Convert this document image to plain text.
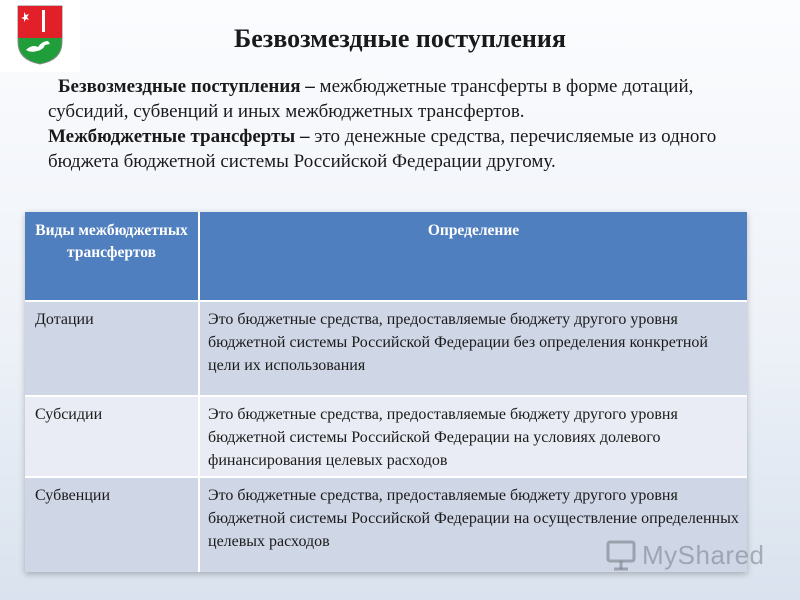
Безвозмездные поступления

Безвозмездные поступления – межбюджетные трансферты в форме дотаций, субсидий, субвенций и иных межбюджетных трансфертов.

Межбюджетные трансферты – это денежные средства, перечисляемые из одного бюджета бюджетной системы Российской Федерации другому.

Виды межбюджетных трансфертов	Определение
Дотации	Это бюджетные средства, предоставляемые бюджету другого уровня бюджетной системы Российской Федерации без определения конкретной цели их использования
Субсидии	Это бюджетные средства, предоставляемые бюджету другого уровня бюджетной системы Российской Федерации на условиях долевого финансирования целевых расходов
Субвенции	Это бюджетные средства, предоставляемые бюджету другого уровня бюджетной системы Российской Федерации на осуществление определенных целевых расходов	MyShared
